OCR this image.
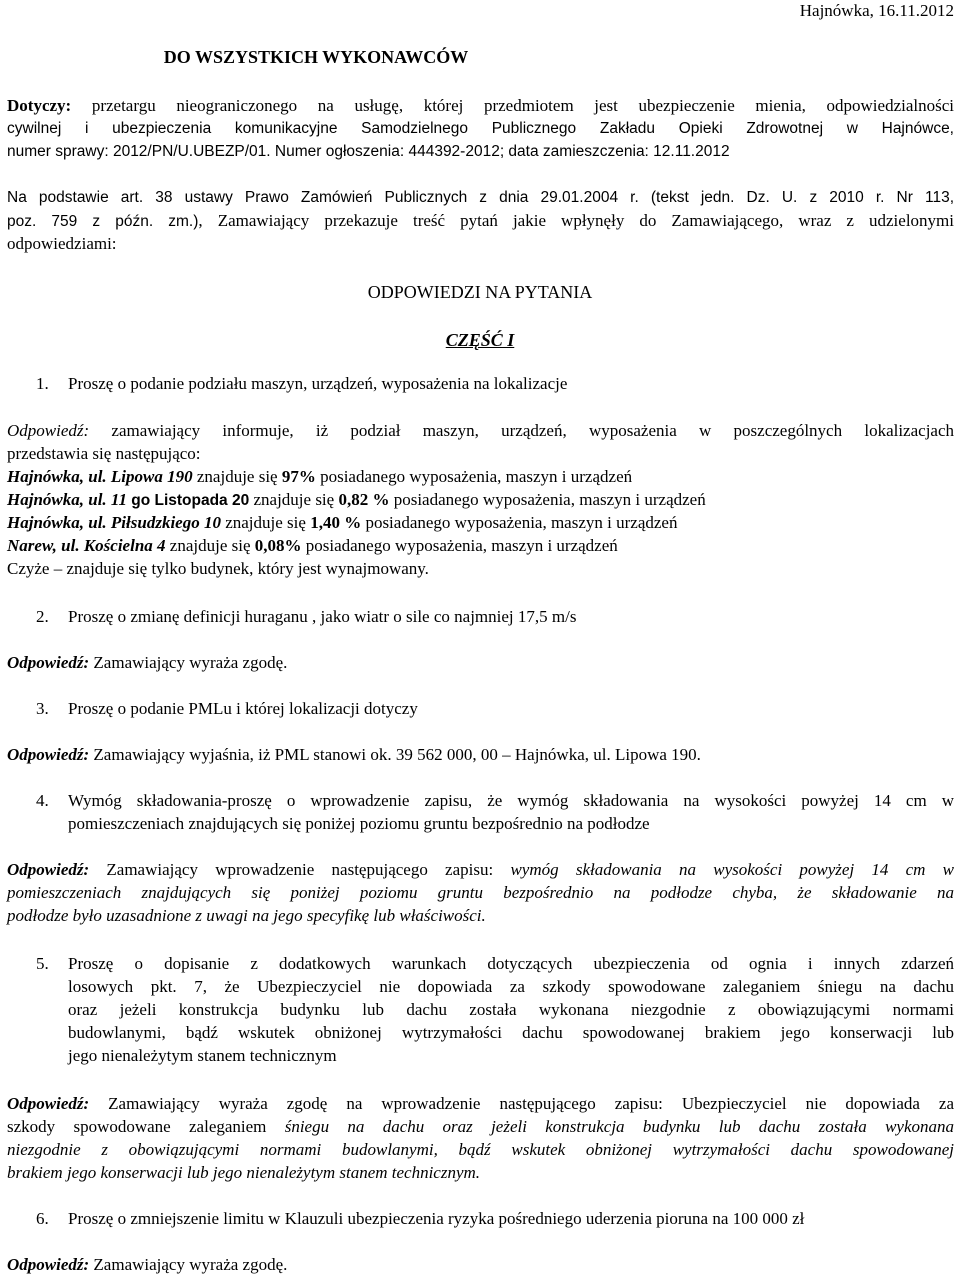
Hajnówka, 16.11.2012
DO WSZYSTKICH WYKONAWCÓW
Dotyczy: przetargu nieograniczonego na usługę, której przedmiotem jest ubezpieczenie mienia, odpowiedzialności
cywilnej i ubezpieczenia komunikacyjne Samodzielnego Publicznego Zakładu Opieki Zdrowotnej w Hajnówce,
numer sprawy: 2012/PN/U.UBEZP/01. Numer ogłoszenia: 444392-2012; data zamieszczenia: 12.11.2012
Na podstawie art. 38 ustawy Prawo Zamówień Publicznych z dnia 29.01.2004 r. (tekst jedn. Dz. U. z 2010 r. Nr 113,
poz. 759 z późn. zm.), Zamawiający przekazuje treść pytań jakie wpłynęły do Zamawiającego, wraz z udzielonymi
odpowiedziami:
ODPOWIEDZI NA PYTANIA
CZĘŚĆ I
1. Proszę o podanie podziału maszyn, urządzeń, wyposażenia na lokalizacje
Odpowiedź: zamawiający informuje, iż podział maszyn, urządzeń, wyposażenia w poszczególnych lokalizacjach
przedstawia się następująco:
Hajnówka, ul. Lipowa 190 znajduje się 97% posiadanego wyposażenia, maszyn i urządzeń
Hajnówka, ul. 11 go Listopada 20 znajduje się 0,82 % posiadanego wyposażenia, maszyn i urządzeń
Hajnówka, ul. Piłsudzkiego 10 znajduje się 1,40 % posiadanego wyposażenia, maszyn i urządzeń
Narew, ul. Kościelna 4 znajduje się 0,08% posiadanego wyposażenia, maszyn i urządzeń
Czyże – znajduje się tylko budynek, który jest wynajmowany.
2. Proszę o zmianę definicji huraganu , jako wiatr o sile co najmniej 17,5 m/s
Odpowiedź: Zamawiający wyraża zgodę.
3. Proszę o podanie PMLu i której lokalizacji dotyczy
Odpowiedź: Zamawiający wyjaśnia, iż PML stanowi ok. 39 562 000, 00 – Hajnówka, ul. Lipowa 190.
4. Wymóg składowania-proszę o wprowadzenie zapisu, że wymóg składowania na wysokości powyżej 14 cm w
pomieszczeniach znajdujących się poniżej poziomu gruntu bezpośrednio na podłodze
Odpowiedź: Zamawiający wprowadzenie następującego zapisu: wymóg składowania na wysokości powyżej 14 cm w
pomieszczeniach znajdujących się poniżej poziomu gruntu bezpośrednio na podłodze chyba, że składowanie na
podłodze było uzasadnione z uwagi na jego specyfikę lub właściwości.
5. Proszę o dopisanie z dodatkowych warunkach dotyczących ubezpieczenia od ognia i innych zdarzeń
losowych pkt. 7, że Ubezpieczyciel nie dopowiada za szkody spowodowane zaleganiem śniegu na dachu
oraz jeżeli konstrukcja budynku lub dachu została wykonana niezgodnie z obowiązującymi normami
budowlanymi, bądź wskutek obniżonej wytrzymałości dachu spowodowanej brakiem jego konserwacji lub
jego nienależytym stanem technicznym
Odpowiedź: Zamawiający wyraża zgodę na wprowadzenie następującego zapisu: Ubezpieczyciel nie dopowiada za
szkody spowodowane zaleganiem śniegu na dachu oraz jeżeli konstrukcja budynku lub dachu została wykonana
niezgodnie z obowiązującymi normami budowlanymi, bądź wskutek obniżonej wytrzymałości dachu spowodowanej
brakiem jego konserwacji lub jego nienależytym stanem technicznym.
6. Proszę o zmniejszenie limitu w Klauzuli ubezpieczenia ryzyka pośredniego uderzenia pioruna na 100 000 zł
Odpowiedź: Zamawiający wyraża zgodę.
